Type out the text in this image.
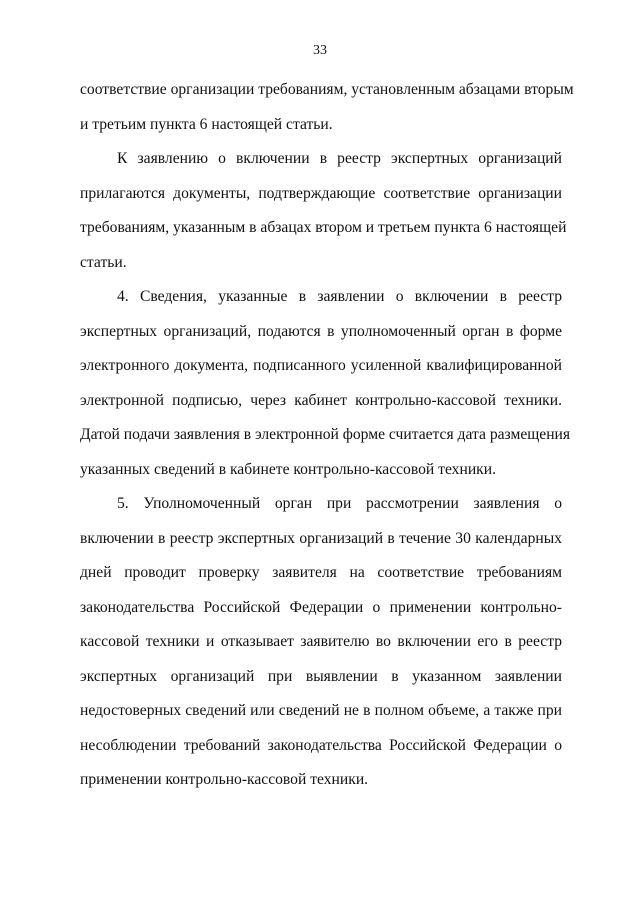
33
соответствие организации требованиям, установленным абзацами вторым
и третьим пункта 6 настоящей статьи.
К заявлению о включении в реестр экспертных организаций
прилагаются документы, подтверждающие соответствие организации
требованиям, указанным в абзацах втором и третьем пункта 6 настоящей
статьи.
4. Сведения, указанные в заявлении о включении в реестр
экспертных организаций, подаются в уполномоченный орган в форме
электронного документа, подписанного усиленной квалифицированной
электронной подписью, через кабинет контрольно-кассовой техники.
Датой подачи заявления в электронной форме считается дата размещения
указанных сведений в кабинете контрольно-кассовой техники.
5. Уполномоченный орган при рассмотрении заявления о
включении в реестр экспертных организаций в течение 30 календарных
дней проводит проверку заявителя на соответствие требованиям
законодательства Российской Федерации о применении контрольно-
кассовой техники и отказывает заявителю во включении его в реестр
экспертных организаций при выявлении в указанном заявлении
недостоверных сведений или сведений не в полном объеме, а также при
несоблюдении требований законодательства Российской Федерации о
применении контрольно-кассовой техники.
